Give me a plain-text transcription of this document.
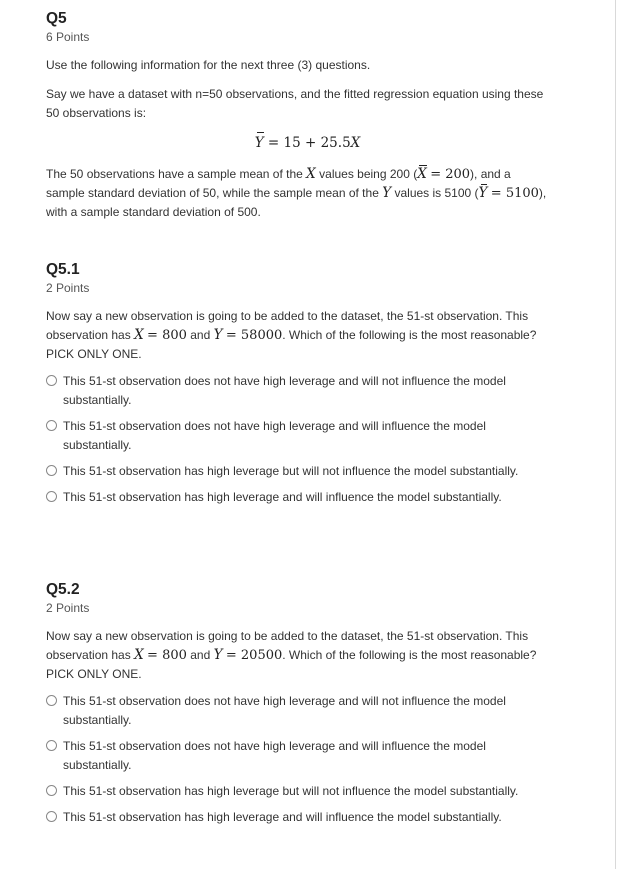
Q5
6 Points
Use the following information for the next three (3) questions.
Say we have a dataset with n=50 observations, and the fitted regression equation using these
50 observations is:
Y = 15 + 25.5X
The 50 observations have a sample mean of the X values being 200 (X = 200), and a
sample standard deviation of 50, while the sample mean of the Y values is 5100 (Y = 5100),
with a sample standard deviation of 500.
Q5.1
2 Points
Now say a new observation is going to be added to the dataset, the 51-st observation. This
observation has X = 800 and Y = 58000. Which of the following is the most reasonable?
PICK ONLY ONE.
This 51-st observation does not have high leverage and will not influence the model
substantially.
This 51-st observation does not have high leverage and will influence the model
substantially.
This 51-st observation has high leverage but will not influence the model substantially.
This 51-st observation has high leverage and will influence the model substantially.
Q5.2
2 Points
Now say a new observation is going to be added to the dataset, the 51-st observation. This
observation has X = 800 and Y = 20500. Which of the following is the most reasonable?
PICK ONLY ONE.
This 51-st observation does not have high leverage and will not influence the model
substantially.
This 51-st observation does not have high leverage and will influence the model
substantially.
This 51-st observation has high leverage but will not influence the model substantially.
This 51-st observation has high leverage and will influence the model substantially.
